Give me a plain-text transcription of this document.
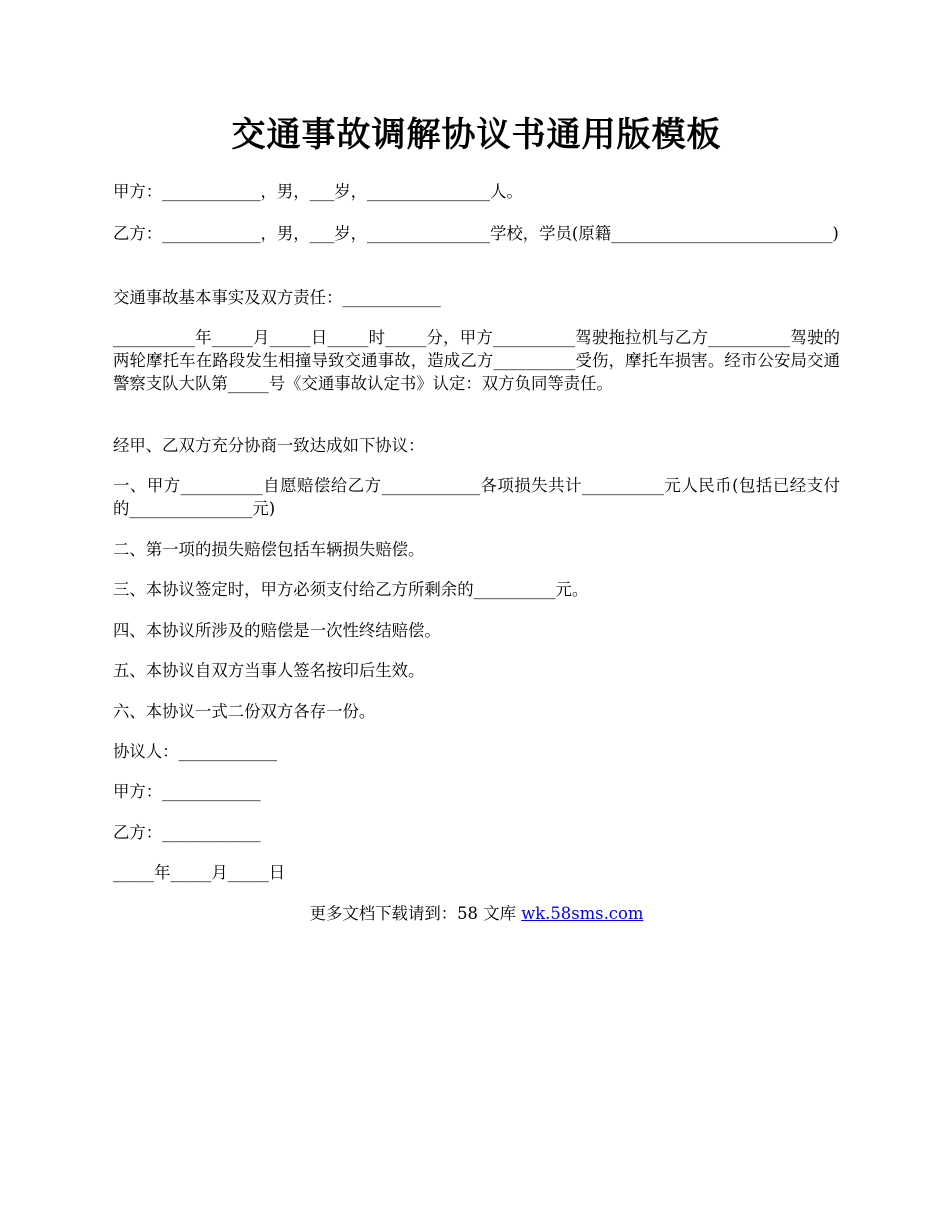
交通事故调解协议书通用版模板
甲方：____________，男，___岁，_______________人。
乙方：____________，男，___岁，_______________学校，学员(原籍___________________________)
交通事故基本事实及双方责任：____________
__________年_____月_____日_____时_____分，甲方__________驾驶拖拉机与乙方__________驾驶的两轮摩托车在路段发生相撞导致交通事故，造成乙方__________受伤，摩托车损害。经市公安局交通警察支队大队第_____号《交通事故认定书》认定：双方负同等责任。
经甲、乙双方充分协商一致达成如下协议：
一、甲方__________自愿赔偿给乙方____________各项损失共计__________元人民币(包括已经支付的_______________元)
二、第一项的损失赔偿包括车辆损失赔偿。
三、本协议签定时，甲方必须支付给乙方所剩余的__________元。
四、本协议所涉及的赔偿是一次性终结赔偿。
五、本协议自双方当事人签名按印后生效。
六、本协议一式二份双方各存一份。
协议人：____________
甲方：____________
乙方：____________
_____年_____月_____日
更多文档下载请到：58 文库 wk.58sms.com
